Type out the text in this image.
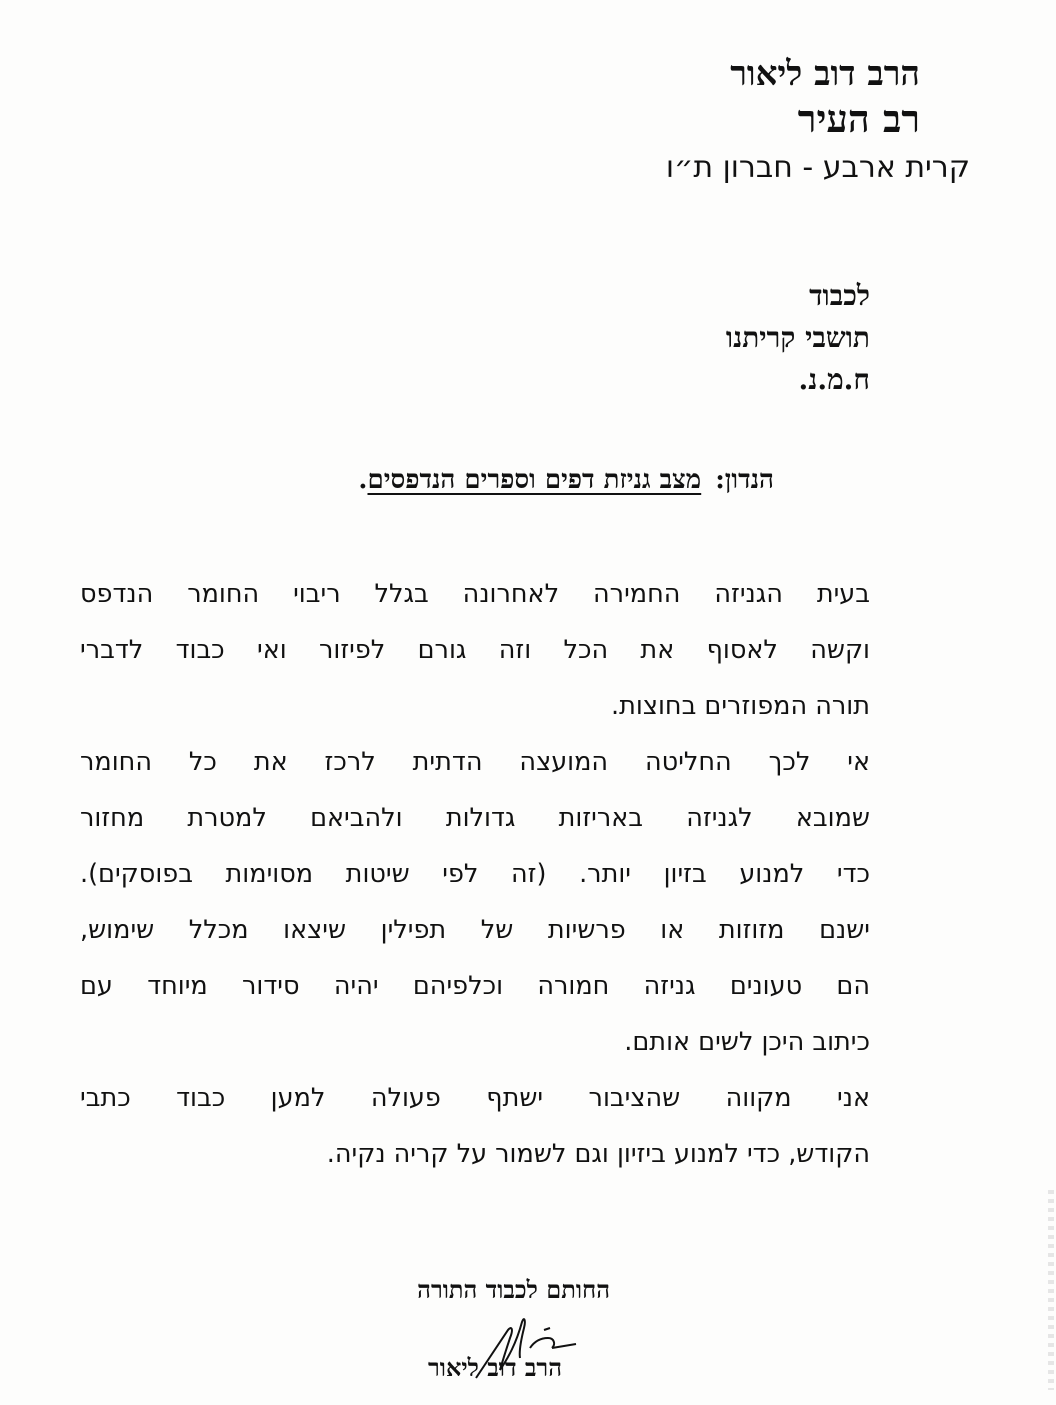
הרב דוב ליאור
רב העיר
קרית ארבע - חברון ת״ו
לכבוד
תושבי קריתנו
ח.מ.נ.
הנדון:מצב גניזת דפים וספרים הנדפסים.
בעית הגניזה החמירה לאחרונה בגלל ריבוי החומר הנדפס
וקשה לאסוף את הכל וזה גורם לפיזור ואי כבוד לדברי
תורה המפוזרים בחוצות.
אי לכך החליטה המועצה הדתית לרכז את כל החומר
שמובא לגניזה באריזות גדולות ולהביאם למטרת מחזור
כדי למנוע בזיון יותר. (זה לפי שיטות מסוימות בפוסקים).
ישנם מזוזות או פרשיות של תפילין שיצאו מכלל שימוש,
הם טעונים גניזה חמורה וכלפיהם יהיה סידור מיוחד עם
כיתוב היכן לשים אותם.
אני מקווה שהציבור ישתף פעולה למען כבוד כתבי
הקודש, כדי למנוע ביזיון וגם לשמור על קריה נקיה.
החותם לכבוד התורה
הרב דוב ליאור
